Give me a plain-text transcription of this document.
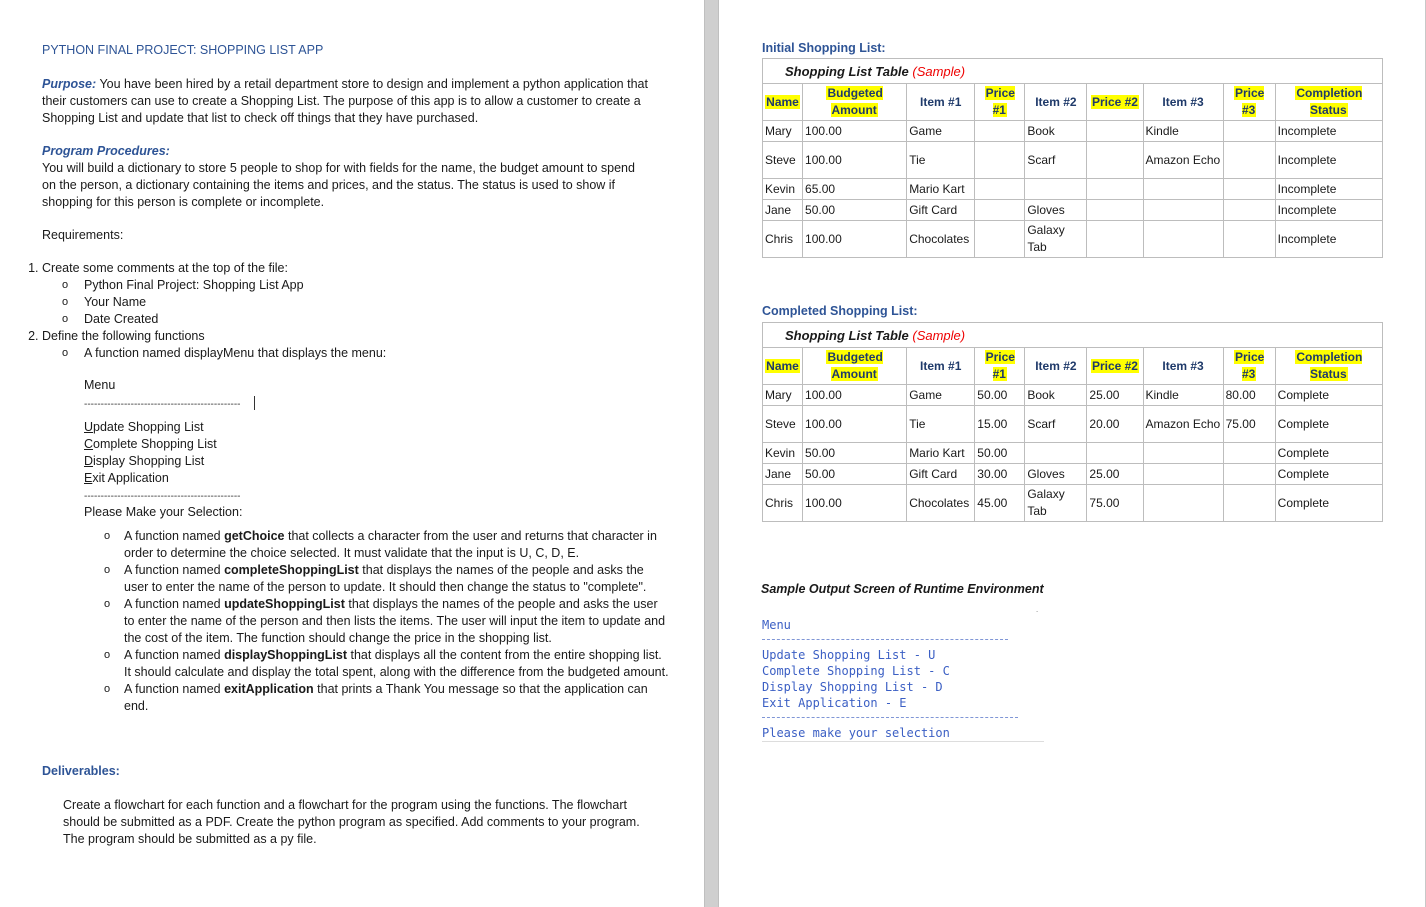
PYTHON FINAL PROJECT: SHOPPING LIST APP

Purpose: You have been hired by a retail department store to design and implement a python application that

their customers can use to create a Shopping List. The purpose of this app is to allow a customer to create a

Shopping List and update that list to check off things that they have purchased.

Program Procedures:

You will build a dictionary to store 5 people to shop for with fields for the name, the budget amount to spend

on the person, a dictionary containing the items and prices, and the status. The status is used to show if

shopping for this person is complete or incomplete.

Requirements:
1. Create some comments at the top of the file:
o Python Final Project: Shopping List App
o Your Name
o Date Created
2. Define the following functions
o A function named displayMenu that displays the menu:
Menu
-----------------------------------------------
Update Shopping List
Complete Shopping List
Display Shopping List
Exit Application
-----------------------------------------------
Please Make your Selection:
o A function named getChoice that collects a character from the user and returns that character in order to determine the choice selected. It must validate that the input is U, C, D, E.
o A function named completeShoppingList that displays the names of the people and asks the user to enter the name of the person to update. It should then change the status to "complete".
o A function named updateShoppingList that displays the names of the people and asks the user to enter the name of the person and then lists the items. The user will input the item to update and the cost of the item. The function should change the price in the shopping list.
o A function named displayShoppingList that displays all the content from the entire shopping list. It should calculate and display the total spent, along with the difference from the budgeted amount.
o A function named exitApplication that prints a Thank You message so that the application can end.
Deliverables:

Create a flowchart for each function and a flowchart for the program using the functions. The flowchart

should be submitted as a PDF. Create the python program as specified. Add comments to your program.

The program should be submitted as a py file.

Initial Shopping List:
Shopping List Table (Sample)								
Name	Budgeted Amount	Item #1	Price #1	Item #2	Price #2	Item #3	Price #3	Completion Status
Mary	100.00	Game		Book		Kindle		Incomplete
Steve	100.00	Tie		Scarf		Amazon Echo		Incomplete
Kevin	65.00	Mario Kart						Incomplete
Jane	50.00	Gift Card		Gloves				Incomplete
Chris	100.00	Chocolates		Galaxy Tab				Incomplete
Completed Shopping List:
Shopping List Table (Sample)								
Name	Budgeted Amount	Item #1	Price #1	Item #2	Price #2	Item #3	Price #3	Completion Status
Mary	100.00	Game	50.00	Book	25.00	Kindle	80.00	Complete
Steve	100.00	Tie	15.00	Scarf	20.00	Amazon Echo	75.00	Complete
Kevin	50.00	Mario Kart	50.00					Complete
Jane	50.00	Gift Card	30.00	Gloves	25.00			Complete
Chris	100.00	Chocolates	45.00	Galaxy Tab	75.00			Complete
Sample Output Screen of Runtime Environment
˙
Menu
Update Shopping List - U
Complete Shopping List - C
Display Shopping List - D
Exit Application - E
Please make your selection
